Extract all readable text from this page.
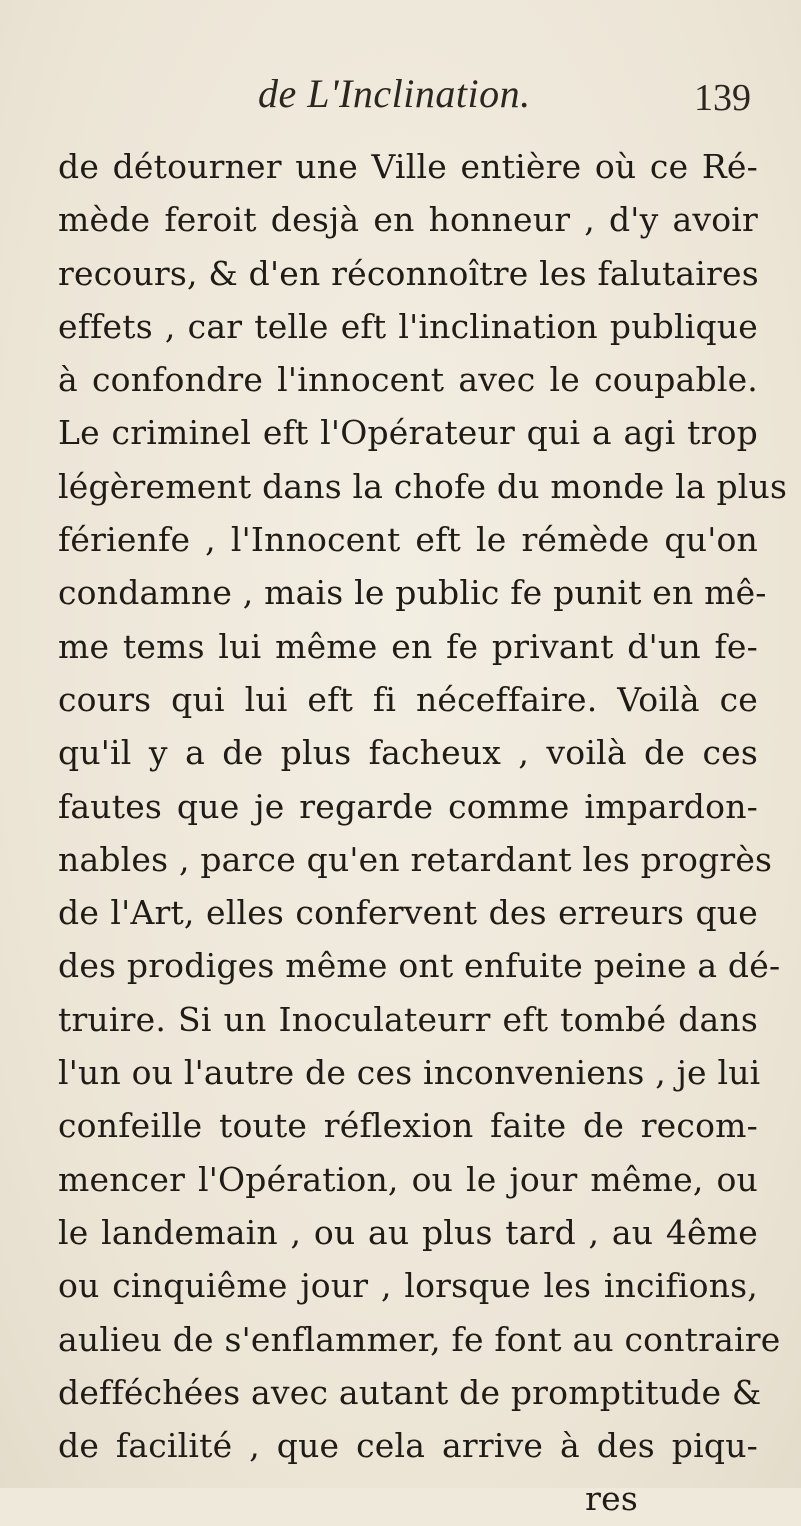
de L'Inclination.	139
de détourner une Ville entière où ce Ré-
mède feroit desjà en honneur , d'y avoir
recours, & d'en réconnoître les falutaires
effets , car telle eft l'inclination publique
à confondre l'innocent avec le coupable.
Le criminel eft l'Opérateur qui a agi trop
légèrement dans la chofe du monde la plus
férienfe , l'Innocent eft le rémède qu'on
condamne , mais le public fe punit en mê-
me tems lui même en fe privant d'un fe-
cours qui lui eft fi néceffaire. Voilà ce
qu'il y a de plus facheux , voilà de ces
fautes que je regarde comme impardon-
nables , parce qu'en retardant les progrès
de l'Art, elles confervent des erreurs que
des prodiges même ont enfuite peine a dé-
truire. Si un Inoculateurr eft tombé dans
l'un ou l'autre de ces inconveniens , je lui
confeille toute réflexion faite de recom-
mencer l'Opération, ou le jour même, ou
le landemain , ou au plus tard , au 4ême
ou cinquiême jour , lorsque les incifions,
aulieu de s'enflammer, fe font au contraire
defféchées avec autant de promptitude &
de facilité , que cela arrive à des piqu-
res
